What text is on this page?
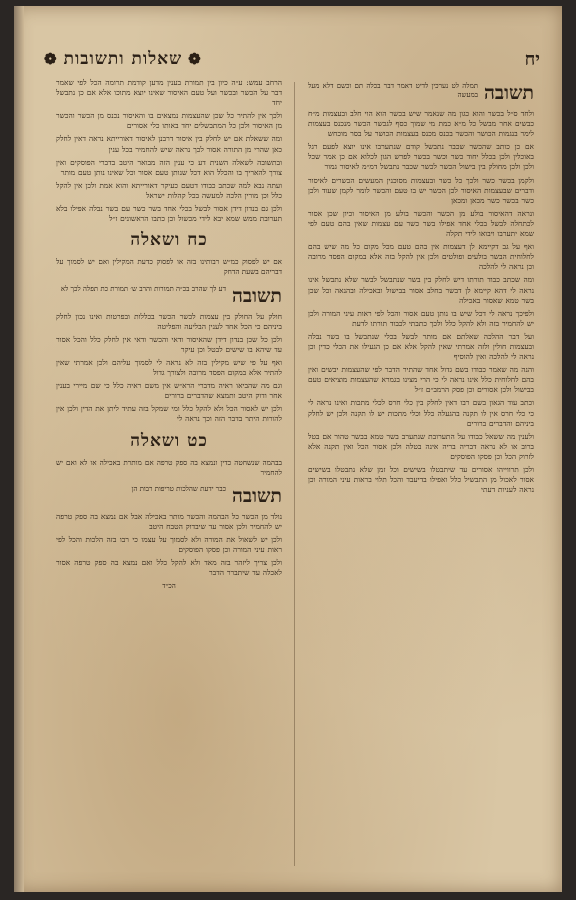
יח
❁
שאלות ותשובות
❁
תשובה
תמלה לט נערכין לדיט דאמר דבר‏ בכלה תם וכשם דלא מעל במעשה

ולחד ס״ל בכשר והוא כגון מה שנאמר שיש בכשר הוא הוי חלב ובעצמות מ״ח כבשים אחר מבשל כל מ״א כמת מי שמוך כסף לגכשר הכשר מנכנס בעצמות לימר בנגמות הכושר והכשר בכנס מכנס בעצמות הכושר על בסר מוכחש

אם כן כותב שהכשר שכבר נתבשל קודם שנתערבו אינו יוצא לפעם רגל באוכלין ולכן בכלל יחוד כשר וכשר בכשר לפרש הגון לכלוא אם כן אמר שכל ולכן ולכן מחולק בין בישול הכשר לכשר שכבר נתבשל דמ״מ לאיסור גמור

ולקמן בכשר כשר ולכך כל כשר ובעצמות מסוכנין המעשים הכשרים לאיסור ודברים שבעצמות האיסור לכן הכשר יש בו טעם והכשר לומר לקמן שעוד ולכן כשר בכשר כשר מכאן ומכאן

ונראה דהאיסור בולע מן הכשר והכשר בולע מן האיסור וכיון שכן אסור לכתחלה לבשל בכלי אחד אפילו בשר כשר עם עצמות שאין בהם טעם לפי שמא יתערבו ויבואו לידי תקלה

ואף על גב דקיימא לן דעצמות אין בהם טעם מכל מקום כל מה שיש בהם לחלוחית הבשר בולעים ופולטים ולכן אין להקל בזה אלא במקום הפסד מרובה וכן נראה לי להלכה

ומה שכתב כבוד תורתו דיש לחלק בין בשר שנתבשל לבשר שלא נתבשל אינו נראה לי דהא קיימא לן דבשר בחלב אסור בבישול ובאכילה ובהנאה וכל שכן בשר טמא שאסור באכילה

ולפיכך נראה לי דכל שיש בו נותן טעם אסור והכל לפי ראות עיני המורה ולכן יש להחמיר בזה ולא להקל כלל ולכך כתבתי לכבוד תורתו לדעת

ועל דבר ההלכה שאלתם אם מותר לבשל בכלי שנתבשל בו בשר נבלה ובעצמות חולין ולזה אמרתי שאין להקל אלא אם כן הגעילו את הכלי כדין וכן נראה לי להלכה ואין להוסיף

והנה מה שאמר כבודו בשם גדול אחד שהתיר הדבר לפי שהעצמות יבשים ואין בהם לחלוחית כלל אינו נראה לי כי הרי מצינו בגמרא שהעצמות מוציאים טעם בבישול ולכן אסורים וכן פסק הרמב״ם ז״ל

וכתב עוד הגאון בשם רבו דאין לחלק בין כלי חרס לכלי מתכות ואינו נראה לי כי כלי חרס אין לו תקנה בהגעלה כלל וכלי מתכות יש לו תקנה ולכן יש לחלק ביניהם והדברים ברורים

ולענין מה ששאל כבודו על התערובת שנתערב בשר טמא בבשר טהור אם בטל ברוב או לא נראה דבריה בריה אינה בטלה ולכן אסור הכל ואין תקנה אלא לזרוק הכל וכן פסקו הפוסקים

ולכן תרווייהו אסורים עד שיתבטלו בשישים וכל זמן שלא נתבטלו בשישים אסור לאכול מן התבשיל כלל ואפילו בדיעבד והכל תלוי בראות עיני המורה וכן נראה לעניות דעתי

הרחב עמש: ע״ה כיון בין תמורת בענין מדען קודמת תרומה הכל לפי שאמר דבר על הכשר ובכשר ועל טעם האיסור שאינו יוצא מתוכו אלא אם כן נתבשל יחד

ולכך אין להתיר כל שכן שהעצמות נמצאים בו והאיסור נכנס מן הכשר והכשר מן האיסור ולכן כל המתבשלים יחד באותו כלי אסורים

ומה ששאלת אם יש לחלק בין איסור דרבנן לאיסור דאורייתא נראה דאין לחלק כאן שהרי מן התורה אסור לכך נראה שיש להחמיר בכל ענין

ובתשובה לשאלה השנית דע כי ענין הזה מבואר היטב בדברי הפוסקים ואין צורך להאריך בו והכלל הוא דכל שנותן טעם אסור וכל שאינו נותן טעם מותר

ועתה נבא למה שכתב כבודו דטעם כעיקר דאורייתא והוא אמת ולכן אין להקל כלל וכן מורין הלכה למעשה בכל קהלות ישראל

ולכן גם בנדון דידן אסור לבשל בכלי אחד בשר כשר עם בשר נבלה אפילו בלא תערובת ממש שמא יבא לידי מכשול וכן כתבו הראשונים ז״ל

כח ושאלה

אם יש לפסוק כמ״ש רבותינו בזה או לפסוק כדעת המקילין ואם יש לסמוך על דבריהם בשעת הדחק

תשובה
דע לך שהרב בכ״ה תמורות והרב ש׳ תמורת כת תפלה לכך לא

חולק על החולק בין עצמות לכשר הכשר בכללות ובפרטות ואינו נכון לחלק ביניהם כי הכל אחד לענין הבליעה והפליטה

ולכן כל שכן בנדון דידן שהאיסור ודאי והכשר ודאי אין לחלק כלל והכל אסור עד שיהא בו שישים לבטל וכן עיקר

ואף על פי שיש מקילין בזה לא נראה לי לסמוך עליהם ולכן אמרתי שאין להתיר אלא במקום הפסד מרובה ולצורך גדול

וגם מה שהביאו ראיה מדברי הרא״ש אין משם ראיה כלל כי שם מיירי בענין אחר ודוק היטב ותמצא שהדברים ברורים

ולכן יש לאסור הכל ולא להקל כלל ומי שמקל בזה עתיד ליתן את הדין ולכן אין להורות היתר בדבר הזה וכך נראה לי

כט ושאלה

בבהמה שנשחטה כדין ונמצא בה ספק טרפה אם מותרת באכילה או לא ואם יש להחמיר

תשובה
כבר ידעת שהלכות טריפות רבות הן

נולד מן הכשר כל הבהמה והכשר מותר באכילה אבל אם נמצא בה ספק טרפה יש להחמיר ולכן אסור עד שיבדוק הטבח היטב

ולכן יש לשאול את המורה ולא לסמוך על עצמו כי רבו בזה הלכות והכל לפי ראות עיני המורה וכן פסקו הפוסקים

ולכן צריך ליזהר בזה מאד ולא להקל כלל ואם נמצא בה ספק טרפה אסור לאכלה עד שיתברר הדבר

הכ״ד
